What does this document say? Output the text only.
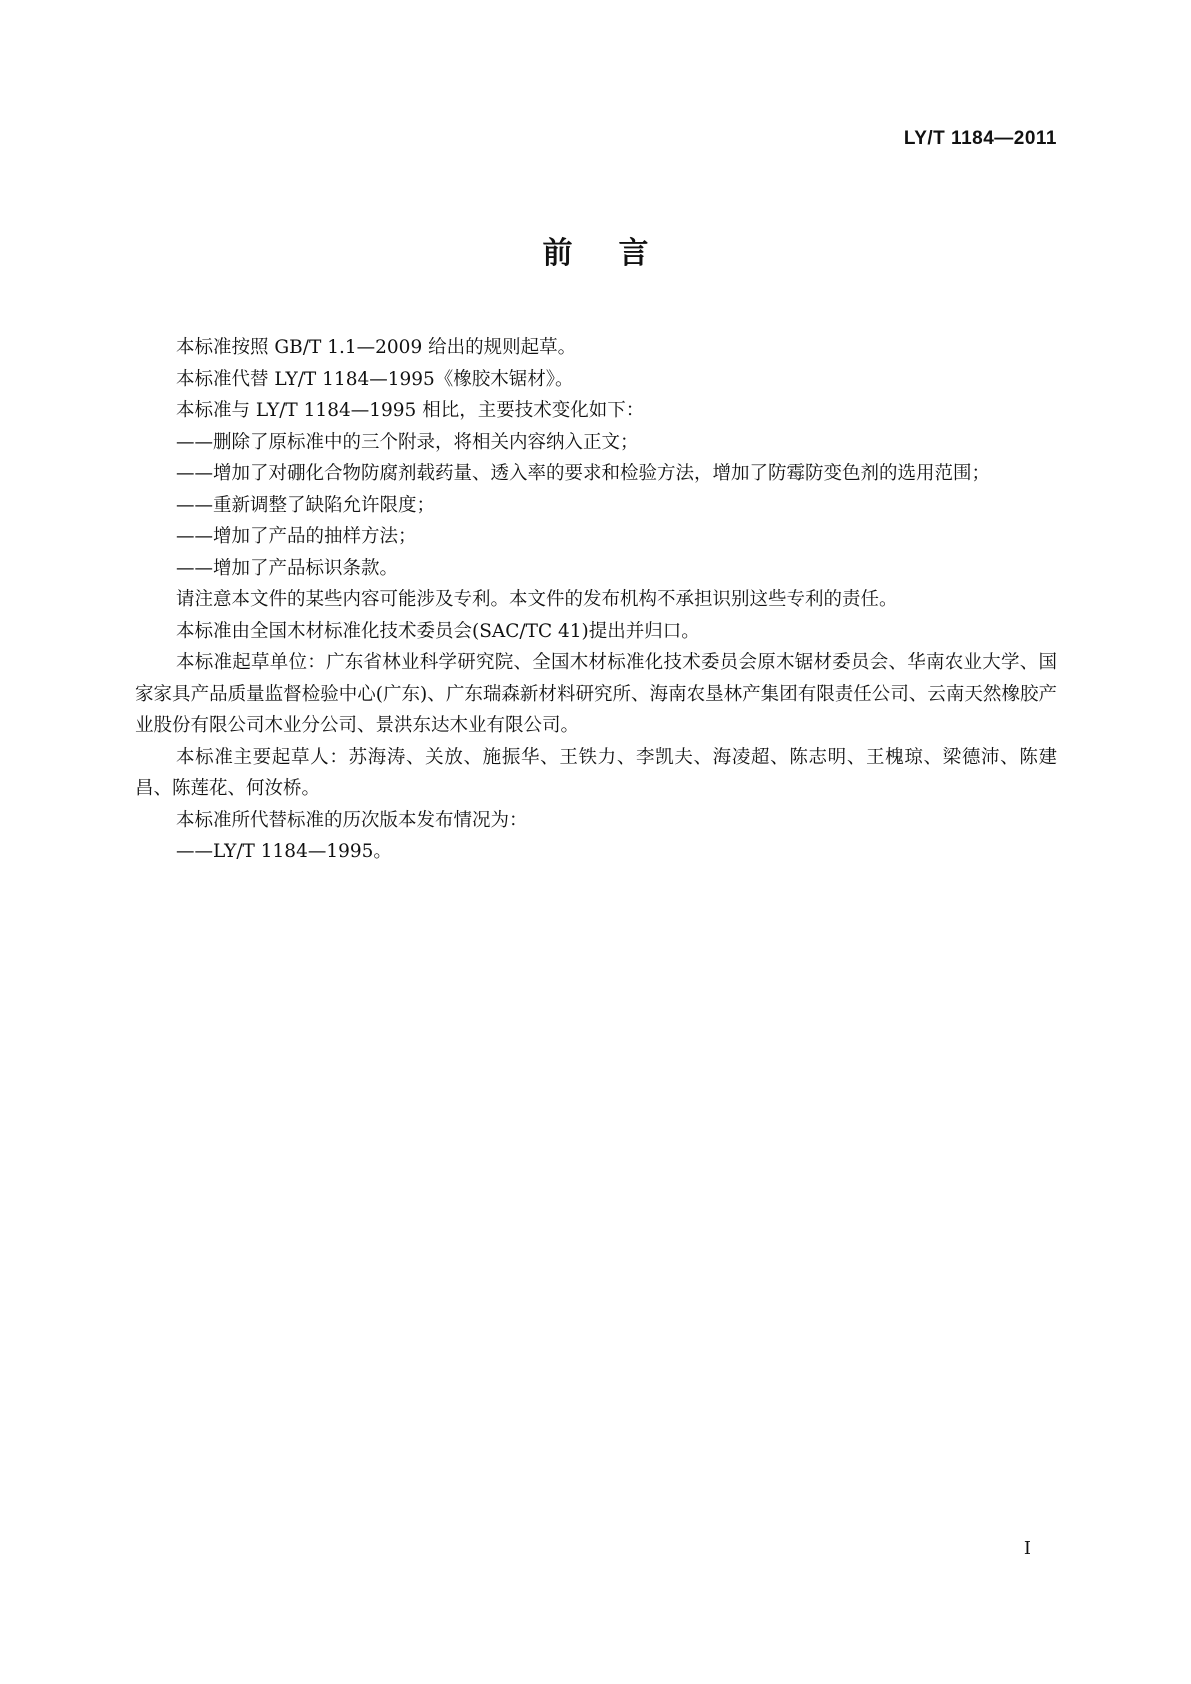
LY/T 1184—2011
前言

本标准按照 GB/T 1.1—2009 给出的规则起草。

本标准代替 LY/T 1184—1995《橡胶木锯材》。

本标准与 LY/T 1184—1995 相比，主要技术变化如下：

——删除了原标准中的三个附录，将相关内容纳入正文；

——增加了对硼化合物防腐剂载药量、透入率的要求和检验方法，增加了防霉防变色剂的选用范围；

——重新调整了缺陷允许限度；

——增加了产品的抽样方法；

——增加了产品标识条款。

请注意本文件的某些内容可能涉及专利。本文件的发布机构不承担识别这些专利的责任。

本标准由全国木材标准化技术委员会(SAC/TC 41)提出并归口。

本标准起草单位：广东省林业科学研究院、全国木材标准化技术委员会原木锯材委员会、华南农业大学、国家家具产品质量监督检验中心(广东)、广东瑞森新材料研究所、海南农垦林产集团有限责任公司、云南天然橡胶产业股份有限公司木业分公司、景洪东达木业有限公司。

本标准主要起草人：苏海涛、关放、施振华、王铁力、李凯夫、海凌超、陈志明、王槐琼、梁德沛、陈建昌、陈莲花、何汝桥。

本标准所代替标准的历次版本发布情况为：

——LY/T 1184—1995。

I
